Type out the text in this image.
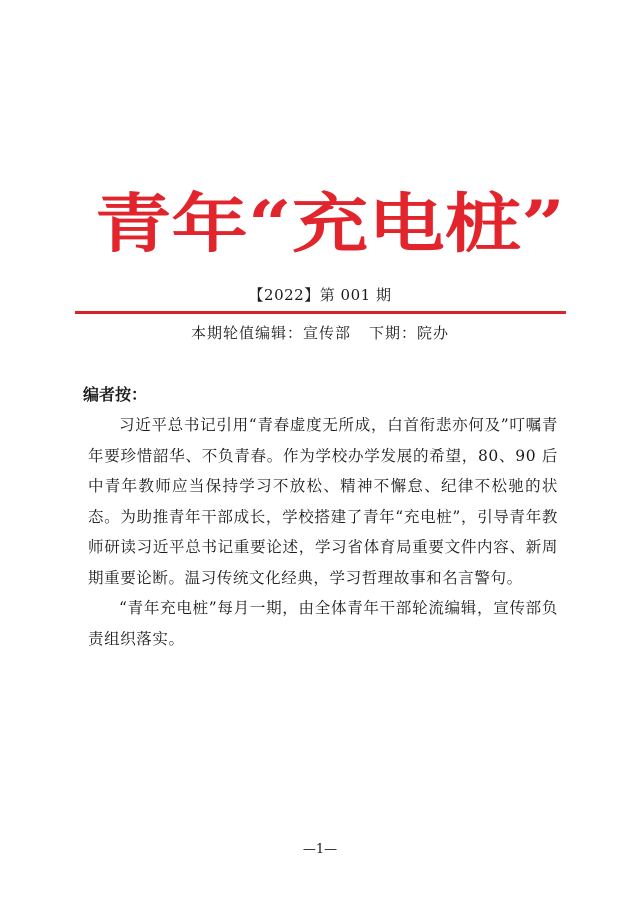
青年“充电桩”
【2022】第 001 期
本期轮值编辑：宣传部 下期：院办
编者按：

习近平总书记引用“青春虚度无所成，白首衔悲亦何及”叮嘱青年要珍惜韶华、不负青春。作为学校办学发展的希望，80、90 后中青年教师应当保持学习不放松、精神不懈怠、纪律不松驰的状态。为助推青年干部成长，学校搭建了青年“充电桩”，引导青年教师研读习近平总书记重要论述，学习省体育局重要文件内容、新周期重要论断。温习传统文化经典，学习哲理故事和名言警句。

“青年充电桩”每月一期，由全体青年干部轮流编辑，宣传部负责组织落实。

—1—
